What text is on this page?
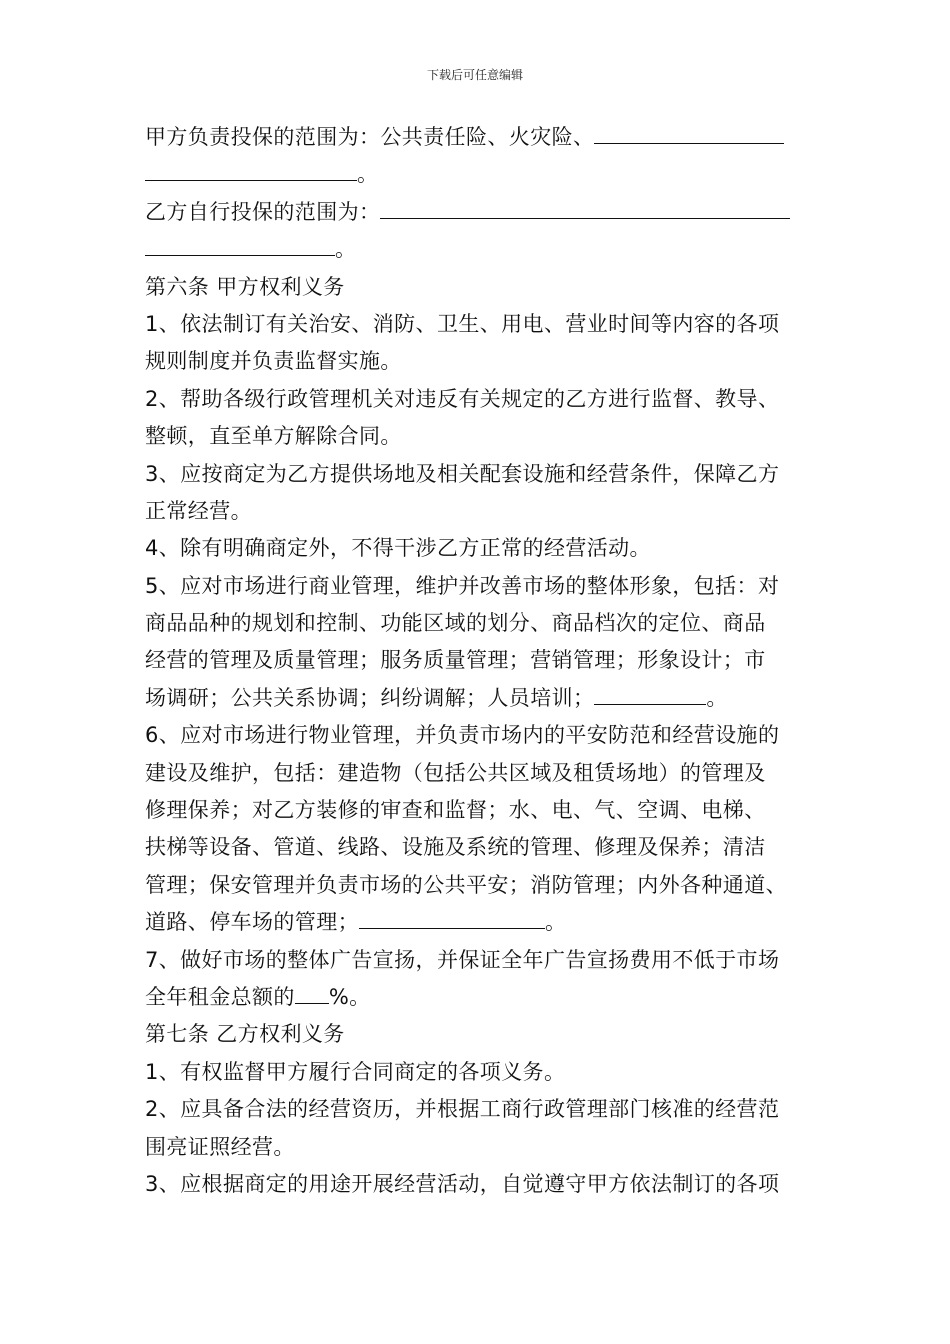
下载后可任意编辑
甲方负责投保的范围为：公共责任险、火灾险、
。
乙方自行投保的范围为：
。
第六条 甲方权利义务
1、依法制订有关治安、消防、卫生、用电、营业时间等内容的各项
规则制度并负责监督实施。
2、帮助各级行政管理机关对违反有关规定的乙方进行监督、教导、
整顿，直至单方解除合同。
3、应按商定为乙方提供场地及相关配套设施和经营条件，保障乙方
正常经营。
4、除有明确商定外，不得干涉乙方正常的经营活动。
5、应对市场进行商业管理，维护并改善市场的整体形象，包括：对
商品品种的规划和控制、功能区域的划分、商品档次的定位、商品
经营的管理及质量管理；服务质量管理；营销管理；形象设计；市
场调研；公共关系协调；纠纷调解；人员培训；	。
6、应对市场进行物业管理，并负责市场内的平安防范和经营设施的
建设及维护，包括：建造物（包括公共区域及租赁场地）的管理及
修理保养；对乙方装修的审查和监督；水、电、气、空调、电梯、
扶梯等设备、管道、线路、设施及系统的管理、修理及保养；清洁
管理；保安管理并负责市场的公共平安；消防管理；内外各种通道、
道路、停车场的管理；	。
7、做好市场的整体广告宣扬，并保证全年广告宣扬费用不低于市场
全年租金总额的 %。
第七条 乙方权利义务
1、有权监督甲方履行合同商定的各项义务。
2、应具备合法的经营资历，并根据工商行政管理部门核准的经营范
围亮证照经营。
3、应根据商定的用途开展经营活动，自觉遵守甲方依法制订的各项
